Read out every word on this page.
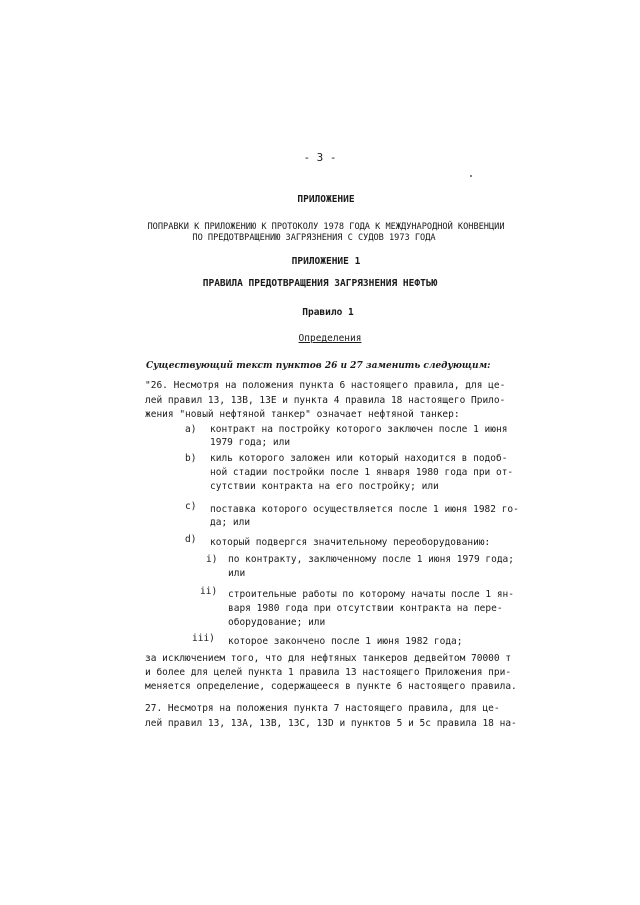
- 3 -
ПРИЛОЖЕНИЕ
ПОПРАВКИ К ПРИЛОЖЕНИЮ К ПРОТОКОЛУ 1978 ГОДА К МЕЖДУНАРОДНОЙ КОНВЕНЦИИ
ПО ПРЕДОТВРАЩЕНИЮ ЗАГРЯЗНЕНИЯ С СУДОВ 1973 ГОДА
ПРИЛОЖЕНИЕ 1
ПРАВИЛА ПРЕДОТВРАЩЕНИЯ ЗАГРЯЗНЕНИЯ НЕФТЬЮ
Правило 1
Определения
Существующий текст пунктов 26 и 27 заменить следующим:
"26. Несмотря на положения пункта 6 настоящего правила, для це-
лей правил 13, 13В, 13Е и пункта 4 правила 18 настоящего Прило-
жения "новый нефтяной танкер" означает нефтяной танкер:
a) контракт на постройку которого заключен после 1 июня
1979 года; или
b) киль которого заложен или который находится в подоб-
ной стадии постройки после 1 января 1980 года при от-
сутствии контракта на его постройку; или
c) поставка которого осуществляется после 1 июня 1982 го-
да; или
d) который подвергся значительному переоборудованию:
i) по контракту, заключенному после 1 июня 1979 года;
или
ii) строительные работы по которому начаты после 1 ян-
варя 1980 года при отсутствии контракта на пере-
оборудование; или
iii) которое закончено после 1 июня 1982 года;
за исключением того, что для нефтяных танкеров дедвейтом 70000 т
и более для целей пункта 1 правила 13 настоящего Приложения при-
меняется определение, содержащееся в пункте 6 настоящего правила.
27. Несмотря на положения пункта 7 настоящего правила, для це-
лей правил 13, 13А, 13В, 13С, 13D и пунктов 5 и 5с правила 18 на-
